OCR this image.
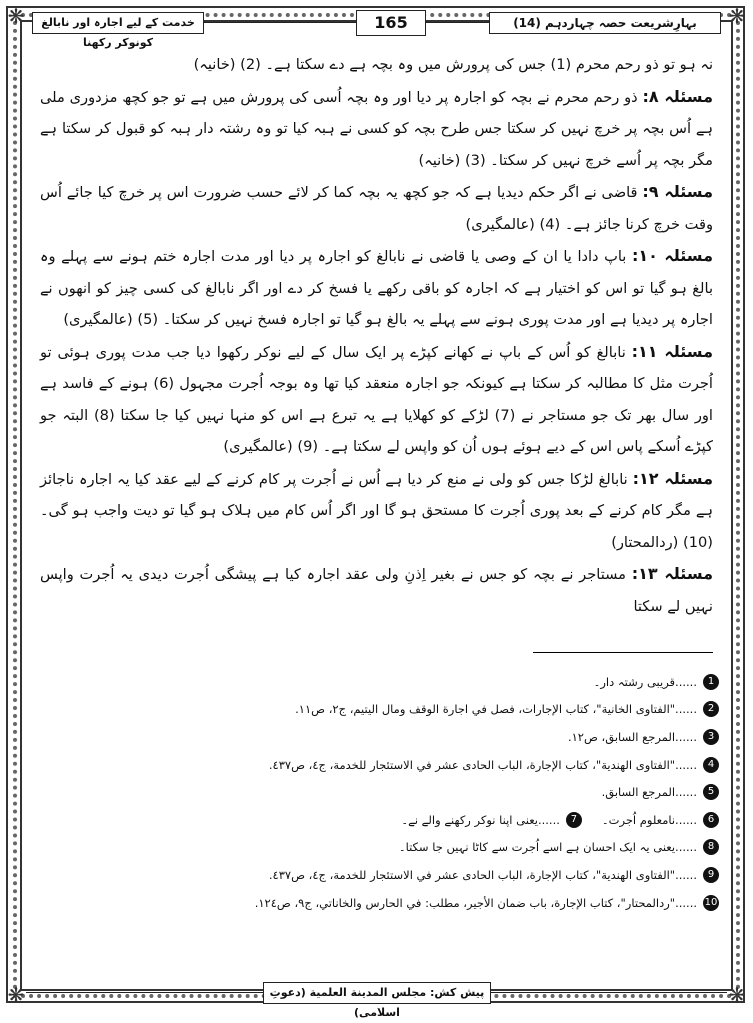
❋	❋
❋	❋
خدمت کے لیے اجارہ اور نابالغ کونوکر رکھنا
165	بہارِشریعت حصہ چہاردہم (14)

نہ ہو تو ذو رحم محرم (1) جس کی پرورش میں وہ بچہ ہے دے سکتا ہے۔ (2) (خانیہ)

مسئلہ ۸: ذو رحم محرم نے بچہ کو اجارہ پر دیا اور وہ بچہ اُسی کی پرورش میں ہے تو جو کچھ مزدوری ملی ہے اُس بچہ پر خرچ نہیں کر سکتا جس طرح بچہ کو کسی نے ہبہ کیا تو وہ رشتہ دار ہبہ کو قبول کر سکتا ہے مگر بچہ پر اُسے خرچ نہیں کر سکتا۔ (3) (خانیہ)

مسئلہ ۹: قاضی نے اگر حکم دیدیا ہے کہ جو کچھ یہ بچہ کما کر لائے حسب ضرورت اس پر خرچ کیا جائے اُس وقت خرچ کرنا جائز ہے۔ (4) (عالمگیری)

مسئلہ ۱۰: باپ دادا یا ان کے وصی یا قاضی نے نابالغ کو اجارہ پر دیا اور مدت اجارہ ختم ہونے سے پہلے وہ بالغ ہو گیا تو اس کو اختیار ہے کہ اجارہ کو باقی رکھے یا فسخ کر دے اور اگر نابالغ کی کسی چیز کو انھوں نے اجارہ پر دیدیا ہے اور مدت پوری ہونے سے پہلے یہ بالغ ہو گیا تو اجارہ فسخ نہیں کر سکتا۔ (5) (عالمگیری)

مسئلہ ۱۱: نابالغ کو اُس کے باپ نے کھانے کپڑے پر ایک سال کے لیے نوکر رکھوا دیا جب مدت پوری ہوئی تو اُجرت مثل کا مطالبہ کر سکتا ہے کیونکہ جو اجارہ منعقد کیا تھا وہ بوجہ اُجرت مجہول (6) ہونے کے فاسد ہے اور سال بھر تک جو مستاجر نے (7) لڑکے کو کھلایا ہے یہ تبرع ہے اس کو منہا نہیں کیا جا سکتا (8) البتہ جو کپڑے اُسکے پاس اس کے دیے ہوئے ہوں اُن کو واپس لے سکتا ہے۔ (9) (عالمگیری)

مسئلہ ۱۲: نابالغ لڑکا جس کو ولی نے منع کر دیا ہے اُس نے اُجرت پر کام کرنے کے لیے عقد کیا یہ اجارہ ناجائز ہے مگر کام کرنے کے بعد پوری اُجرت کا مستحق ہو گا اور اگر اُس کام میں ہلاک ہو گیا تو دیت واجب ہو گی۔ (10) (ردالمحتار)

مسئلہ ۱۳: مستاجر نے بچہ کو جس نے بغیر اِذنِ ولی عقد اجارہ کیا ہے پیشگی اُجرت دیدی یہ اُجرت واپس نہیں لے سکتا

1
......قریبی رشتہ دار۔
2
......"الفتاوى الخانية"، كتاب الإجارات، فصل في اجارة الوقف ومال اليتيم، ج٢، ص١١.
3
......المرجع السابق، ص١٢.
4
......"الفتاوى الهندية"، كتاب الإجارة، الباب الحادى عشر في الاستئجار للخدمة، ج٤، ص٤٣٧.
5
......المرجع السابق.
6
......نامعلوم اُجرت۔
7
......یعنی اپنا نوکر رکھنے والے نے۔
8
......یعنی یہ ایک احسان ہے اسے اُجرت سے کاٹا نہیں جا سکتا۔
9
......"الفتاوى الهندية"، كتاب الإجارة، الباب الحادى عشر في الاستئجار للخدمة، ج٤، ص٤٣٧.
10
......"ردالمحتار"، كتاب الإجارة، باب ضمان الأجير، مطلب: في الحارس والخاناتي، ج٩، ص١٢٤.
پیش کش: مجلس المدينة العلمية (دعوتِ اسلامی)
